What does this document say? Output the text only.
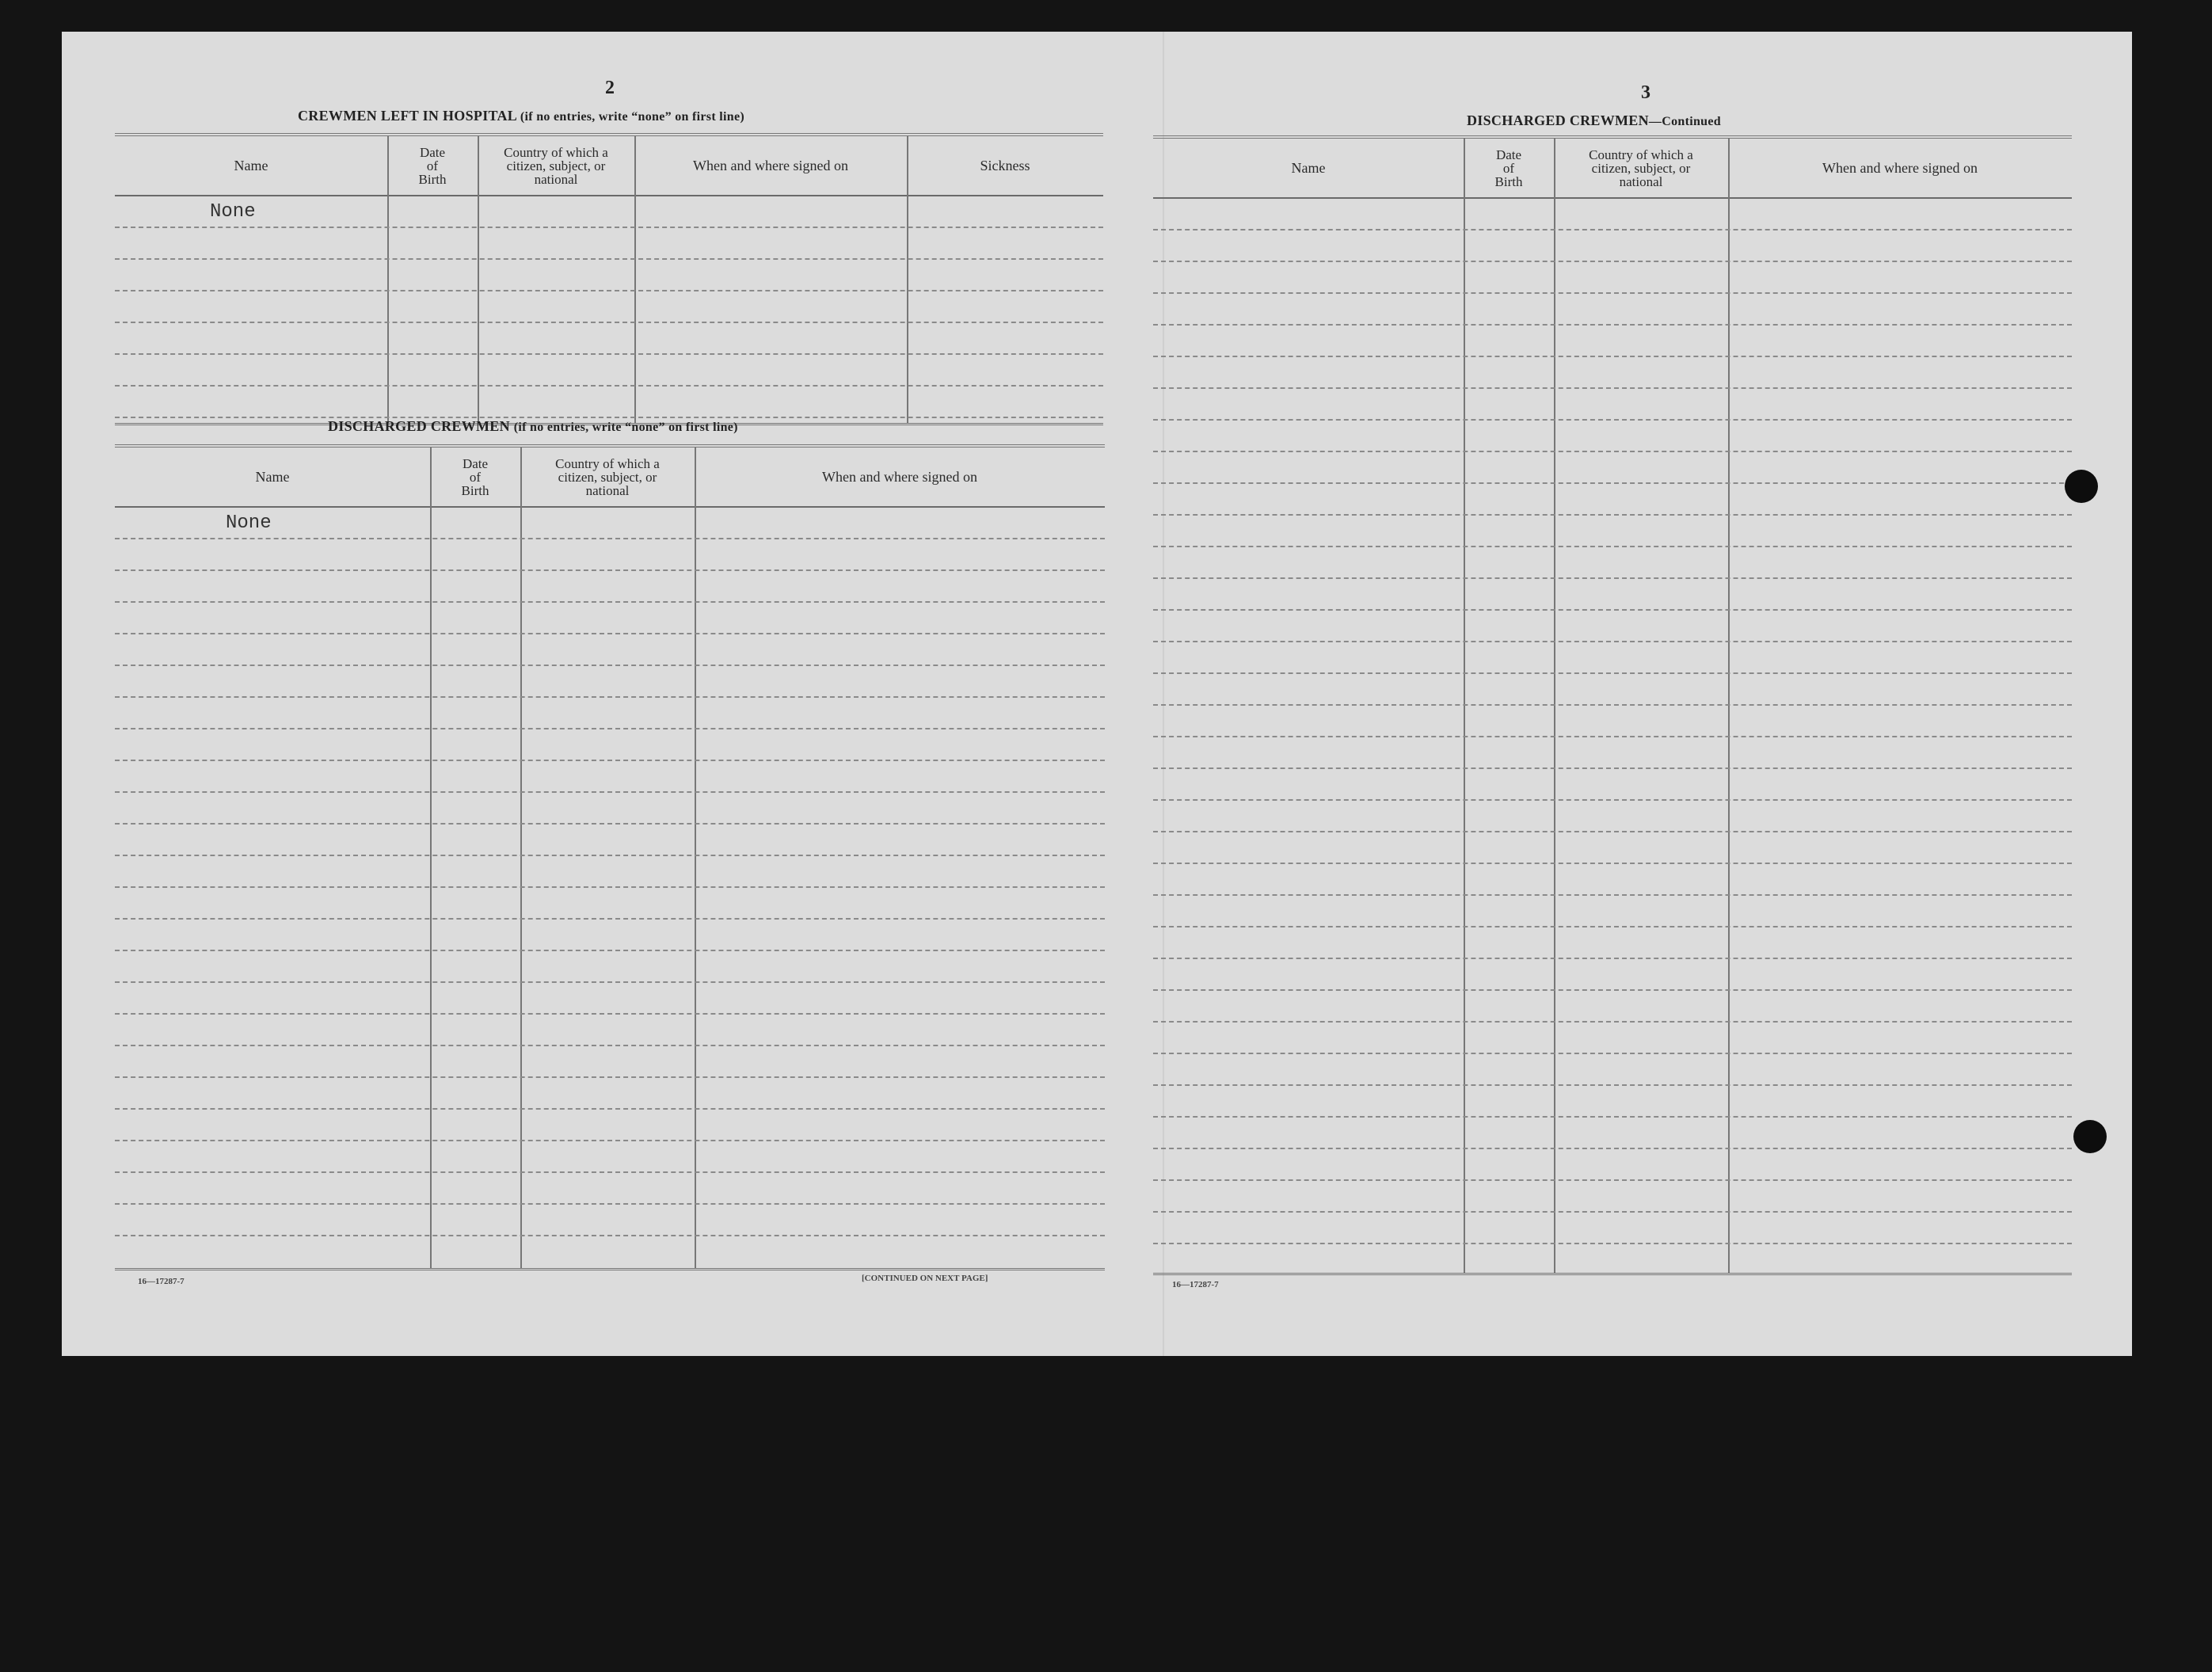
2
CREWMEN LEFT IN HOSPITAL (if no entries, write “none” on first line)
Name
Date
of
Birth
Country of which a
citizen, subject, or
national
When and where signed on	Sickness
None
DISCHARGED CREWMEN (if no entries, write “none” on first line)
Name
Date
of
Birth
Country of which a
citizen, subject, or
national
When and where signed on
None
16—17287-7	[CONTINUED ON NEXT PAGE]
3
DISCHARGED CREWMEN—Continued
Name
Date
of
Birth
Country of which a
citizen, subject, or
national
When and where signed on
16—17287-7
